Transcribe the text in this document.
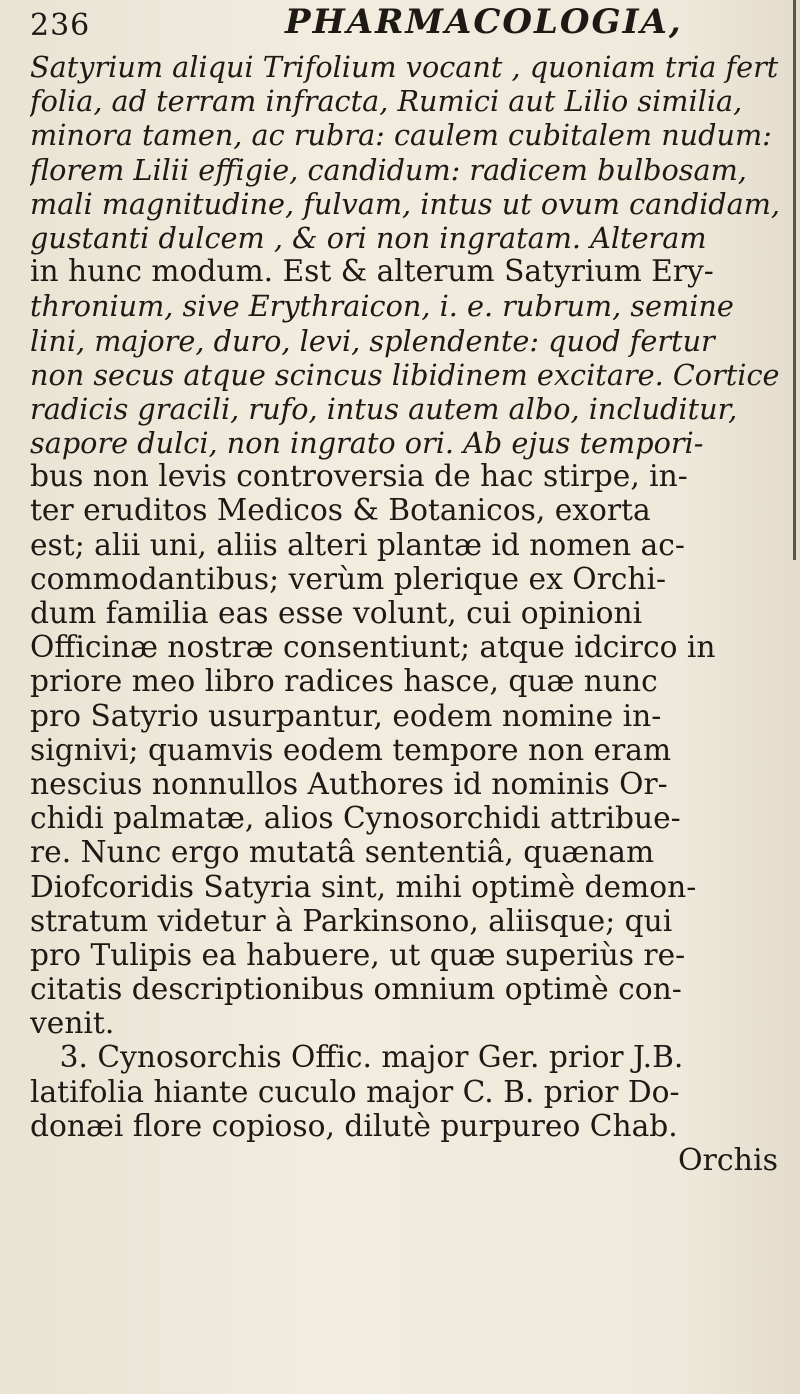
236	PHARMACOLOGIA,
Satyrium aliqui Trifolium vocant , quoniam tria fert
folia, ad terram infracta, Rumici aut Lilio similia,
minora tamen, ac rubra: caulem cubitalem nudum:
florem Lilii effigie, candidum: radicem bulbosam,
mali magnitudine, fulvam, intus ut ovum candidam,
gustanti dulcem , & ori non ingratam. Alteram
in hunc modum. Est & alterum Satyrium Ery-
thronium, sive Erythraicon, i. e. rubrum, semine
lini, majore, duro, levi, splendente: quod fertur
non secus atque scincus libidinem excitare. Cortice
radicis gracili, rufo, intus autem albo, includitur,
sapore dulci, non ingrato ori. Ab ejus tempori-
bus non levis controversia de hac stirpe, in-
ter eruditos Medicos & Botanicos, exorta
est; alii uni, aliis alteri plantæ id nomen ac-
commodantibus; verùm plerique ex Orchi-
dum familia eas esse volunt, cui opinioni
Officinæ nostræ consentiunt; atque idcirco in
priore meo libro radices hasce, quæ nunc
pro Satyrio usurpantur, eodem nomine in-
signivi; quamvis eodem tempore non eram
nescius nonnullos Authores id nominis Or-
chidi palmatæ, alios Cynosorchidi attribue-
re. Nunc ergo mutatâ sententiâ, quænam
Diofcoridis Satyria sint, mihi optimè demon-
stratum videtur à Parkinsono, aliisque; qui
pro Tulipis ea habuere, ut quæ superiùs re-
citatis descriptionibus omnium optimè con-
venit.
3. Cynosorchis Offic. major Ger. prior J.B.
latifolia hiante cuculo major C. B. prior Do-
donæi flore copioso, dilutè purpureo Chab.
Orchis
